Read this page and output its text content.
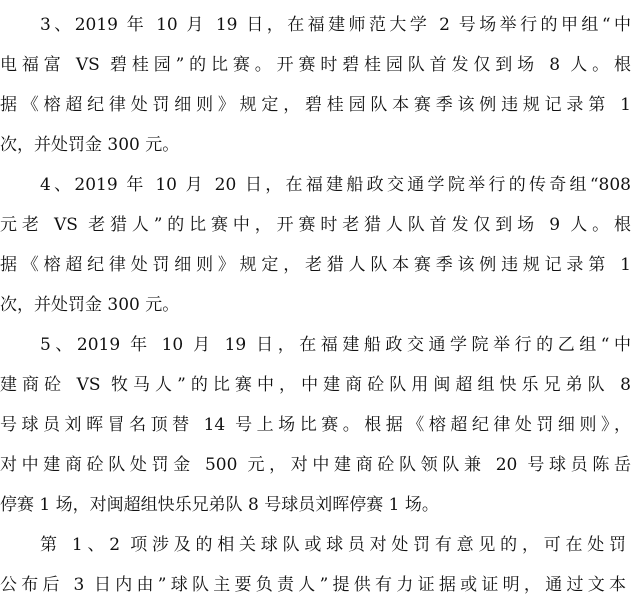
3、2019 年 10 月 19 日，在福建师范大学 2 号场举行的甲组“中
电福富 VS 碧桂园”的比赛。开赛时碧桂园队首发仅到场 8 人。根
据《榕超纪律处罚细则》规定，碧桂园队本赛季该例违规记录第 1
次，并处罚金 300 元。
4、2019 年 10 月 20 日，在福建船政交通学院举行的传奇组“808
元老 VS 老猎人”的比赛中，开赛时老猎人队首发仅到场 9 人。根
据《榕超纪律处罚细则》规定，老猎人队本赛季该例违规记录第 1
次，并处罚金 300 元。
5、2019 年 10 月 19 日，在福建船政交通学院举行的乙组“中
建商砼 VS 牧马人”的比赛中，中建商砼队用闽超组快乐兄弟队 8
号球员刘晖冒名顶替 14 号上场比赛。根据《榕超纪律处罚细则》，
对中建商砼队处罚金 500 元，对中建商砼队领队兼 20 号球员陈岳
停赛 1 场，对闽超组快乐兄弟队 8 号球员刘晖停赛 1 场。
第 1、2 项涉及的相关球队或球员对处罚有意见的，可在处罚
公布后 3 日内由”球队主要负责人”提供有力证据或证明，通过文本
